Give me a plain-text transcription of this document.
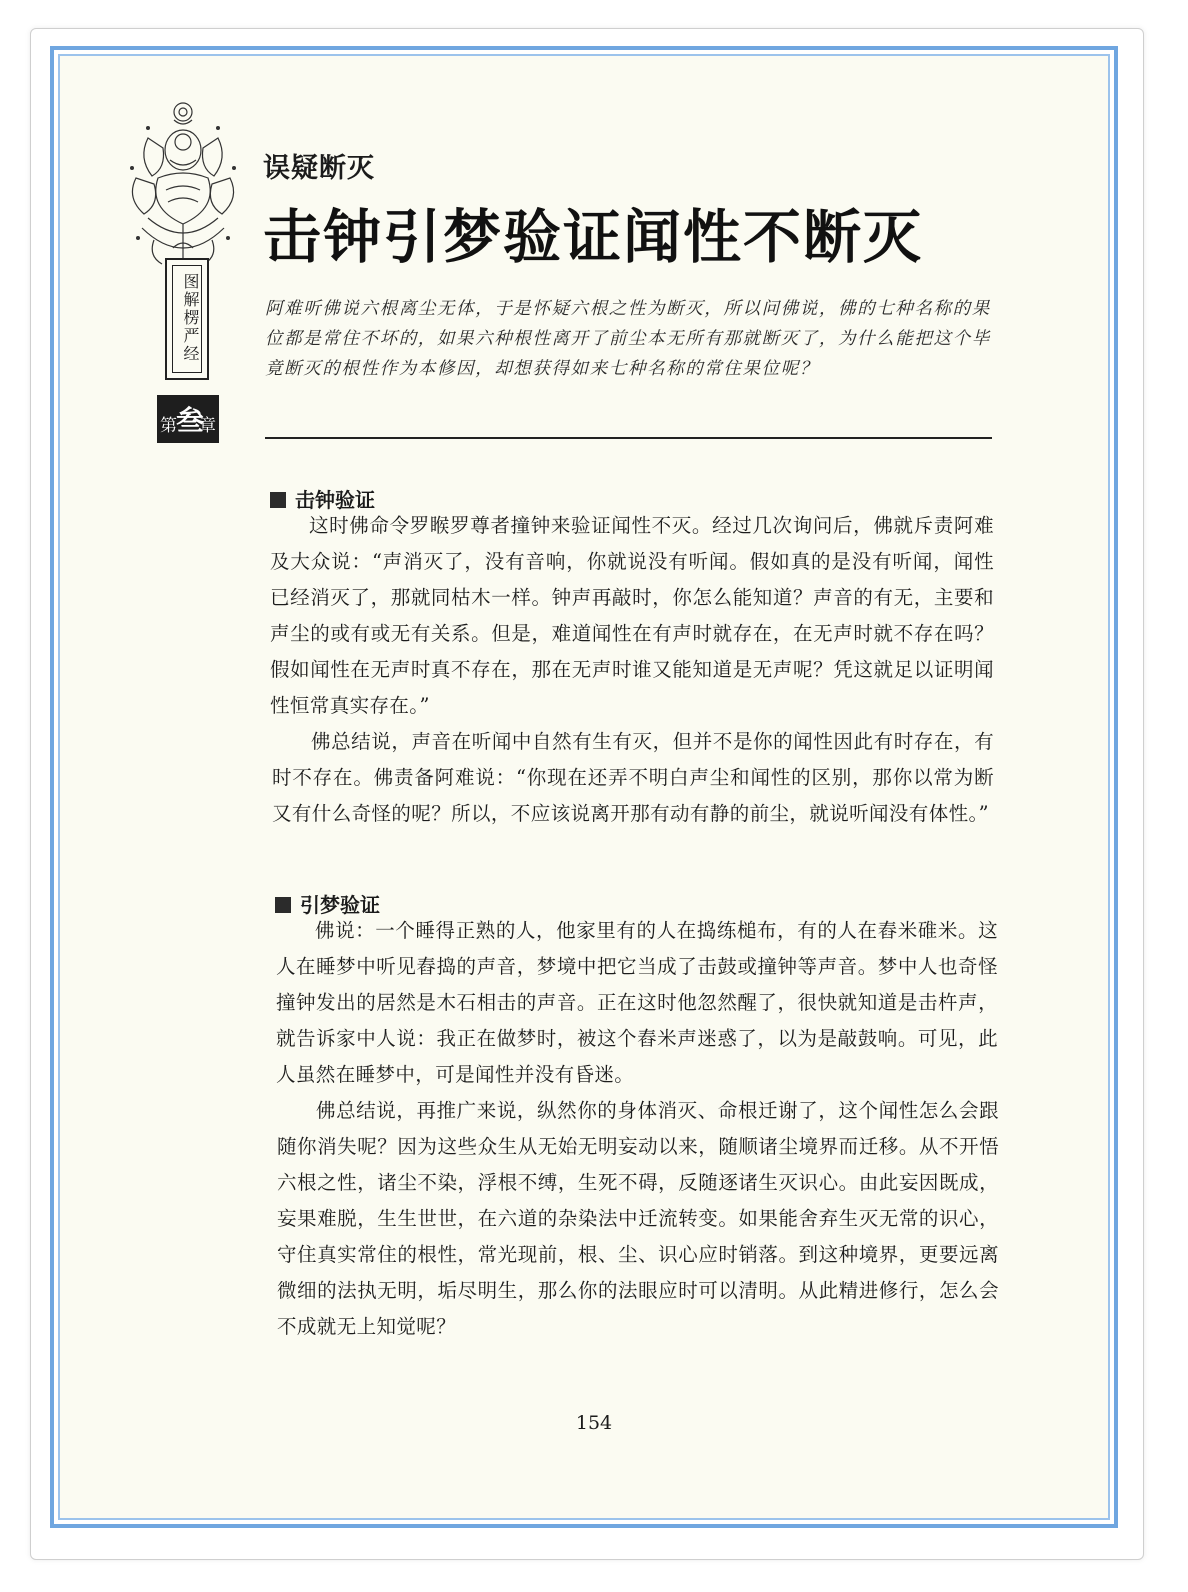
图解楞严经
第 叁
章
误疑断灭
击钟引梦验证闻性不断灭
阿难听佛说六根离尘无体，于是怀疑六根之性为断灭，所以问佛说，佛的七种名称的果位都是常住不坏的，如果六种根性离开了前尘本无所有那就断灭了，为什么能把这个毕竟断灭的根性作为本修因，却想获得如来七种名称的常住果位呢？
击钟验证

这时佛命令罗睺罗尊者撞钟来验证闻性不灭。经过几次询问后，佛就斥责阿难及大众说：“声消灭了，没有音响，你就说没有听闻。假如真的是没有听闻，闻性已经消灭了，那就同枯木一样。钟声再敲时，你怎么能知道？声音的有无，主要和声尘的或有或无有关系。但是，难道闻性在有声时就存在，在无声时就不存在吗？假如闻性在无声时真不存在，那在无声时谁又能知道是无声呢？凭这就足以证明闻性恒常真实存在。”

佛总结说，声音在听闻中自然有生有灭，但并不是你的闻性因此有时存在，有时不存在。佛责备阿难说：“你现在还弄不明白声尘和闻性的区别，那你以常为断又有什么奇怪的呢？所以，不应该说离开那有动有静的前尘，就说听闻没有体性。”

引梦验证

佛说：一个睡得正熟的人，他家里有的人在捣练槌布，有的人在舂米碓米。这人在睡梦中听见舂捣的声音，梦境中把它当成了击鼓或撞钟等声音。梦中人也奇怪撞钟发出的居然是木石相击的声音。正在这时他忽然醒了，很快就知道是击杵声，就告诉家中人说：我正在做梦时，被这个舂米声迷惑了，以为是敲鼓响。可见，此人虽然在睡梦中，可是闻性并没有昏迷。

佛总结说，再推广来说，纵然你的身体消灭、命根迁谢了，这个闻性怎么会跟随你消失呢？因为这些众生从无始无明妄动以来，随顺诸尘境界而迁移。从不开悟六根之性，诸尘不染，浮根不缚，生死不碍，反随逐诸生灭识心。由此妄因既成，妄果难脱，生生世世，在六道的杂染法中迁流转变。如果能舍弃生灭无常的识心，守住真实常住的根性，常光现前，根、尘、识心应时销落。到这种境界，更要远离微细的法执无明，垢尽明生，那么你的法眼应时可以清明。从此精进修行，怎么会不成就无上知觉呢？

154
